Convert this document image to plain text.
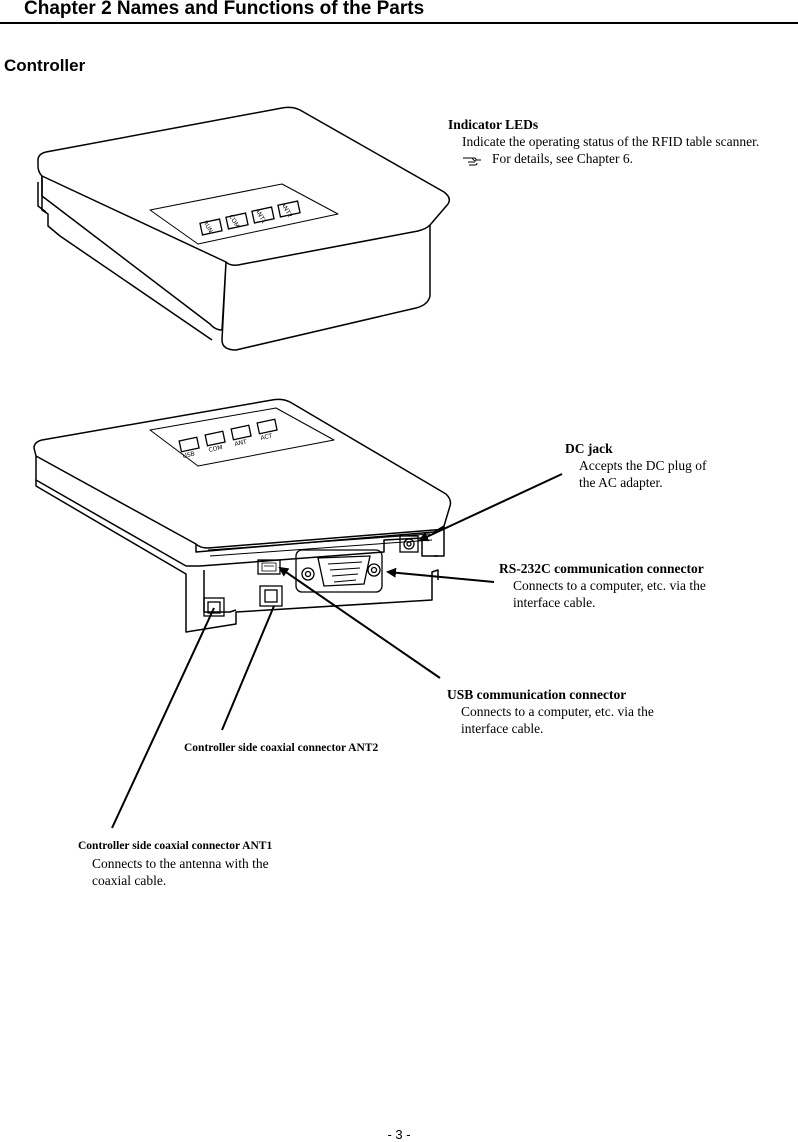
Chapter 2 Names and Functions of the Parts
Controller
RUN COM ANT1 ANT2
USB
COM
ANT
ACT
Indicator LEDs
Indicate the operating status of the RFID table scanner.
For details, see Chapter 6.
DC jack
Accepts the DC plug of
the AC adapter.
RS-232C communication connector
Connects to a computer, etc. via the
interface cable.
USB communication connector
Connects to a computer, etc. via the
interface cable.
Controller side coaxial connector ANT2
Controller side coaxial connector ANT1
Connects to the antenna with the
coaxial cable.
- 3 -
